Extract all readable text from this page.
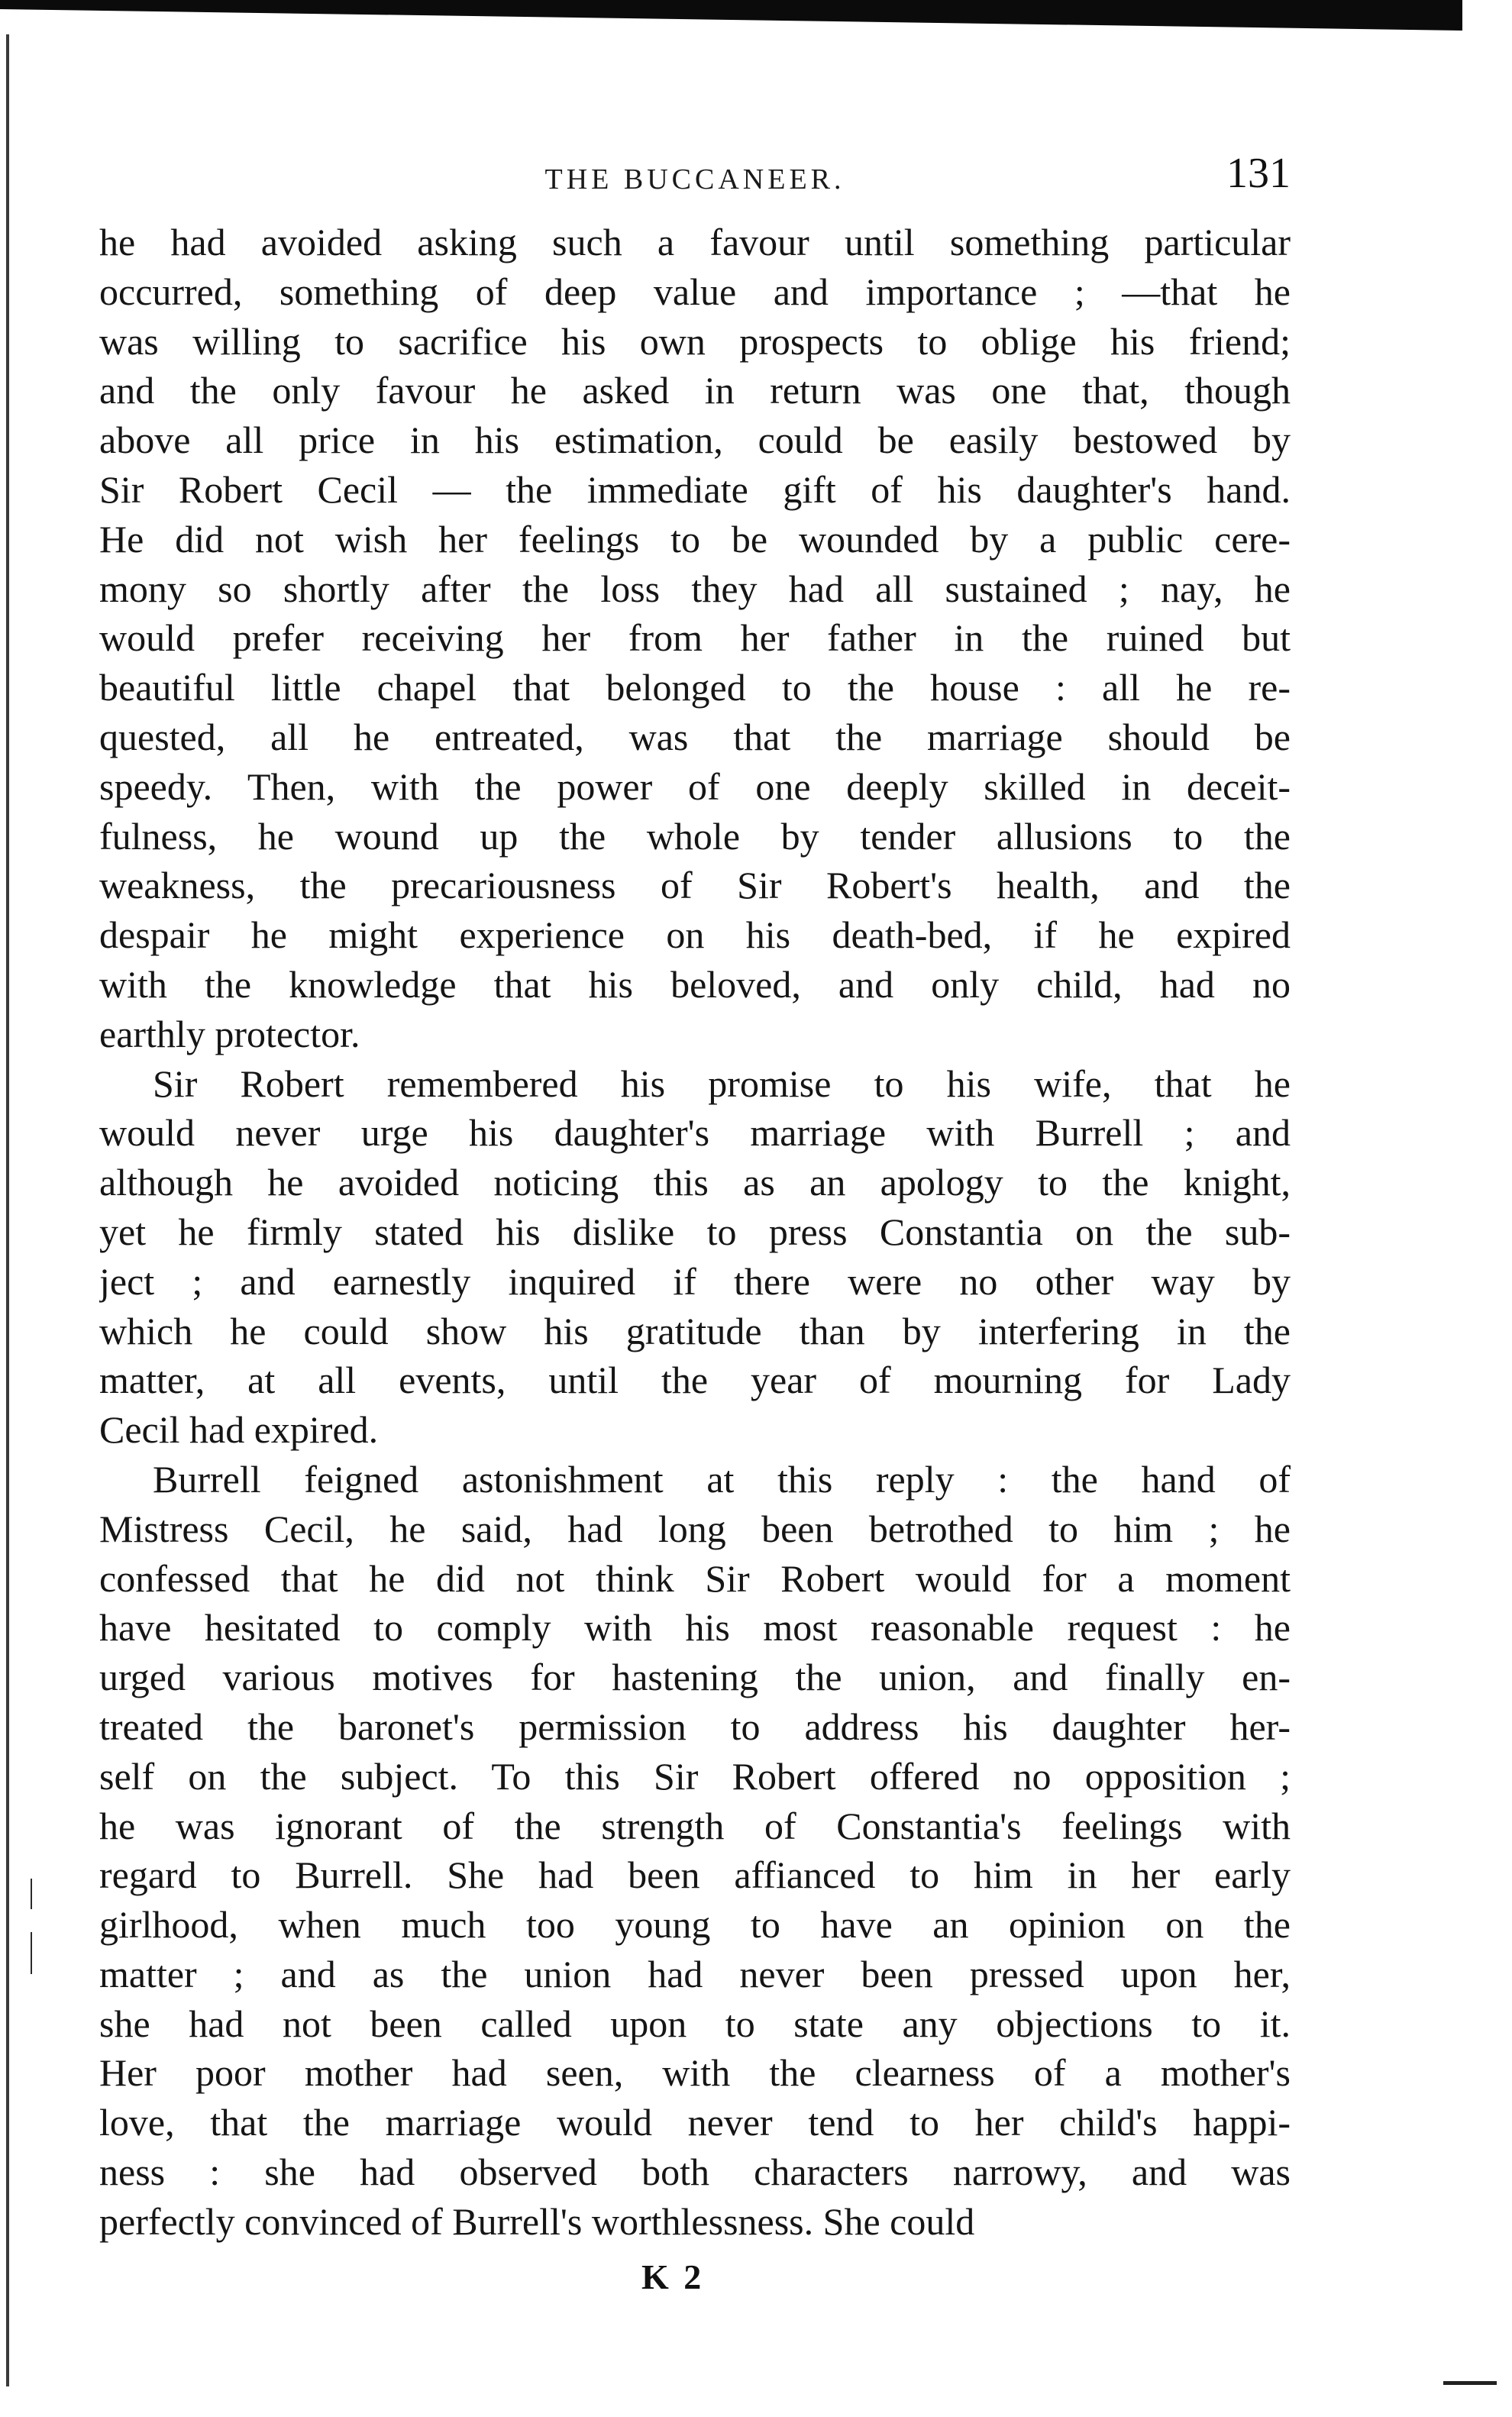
THE BUCCANEER.	131
he had avoided asking such a favour until something particular
occurred, something of deep value and importance ; —that he
was willing to sacrifice his own prospects to oblige his friend;
and the only favour he asked in return was one that, though
above all price in his estimation, could be easily bestowed by
Sir Robert Cecil — the immediate gift of his daughter's hand.
He did not wish her feelings to be wounded by a public cere-
mony so shortly after the loss they had all sustained ; nay, he
would prefer receiving her from her father in the ruined but
beautiful little chapel that belonged to the house : all he re-
quested, all he entreated, was that the marriage should be
speedy. Then, with the power of one deeply skilled in deceit-
fulness, he wound up the whole by tender allusions to the
weakness, the precariousness of Sir Robert's health, and the
despair he might experience on his death-bed, if he expired
with the knowledge that his beloved, and only child, had no
earthly protector.
Sir Robert remembered his promise to his wife, that he
would never urge his daughter's marriage with Burrell ; and
although he avoided noticing this as an apology to the knight,
yet he firmly stated his dislike to press Constantia on the sub-
ject ; and earnestly inquired if there were no other way by
which he could show his gratitude than by interfering in the
matter, at all events, until the year of mourning for Lady
Cecil had expired.
Burrell feigned astonishment at this reply : the hand of
Mistress Cecil, he said, had long been betrothed to him ; he
confessed that he did not think Sir Robert would for a moment
have hesitated to comply with his most reasonable request : he
urged various motives for hastening the union, and finally en-
treated the baronet's permission to address his daughter her-
self on the subject. To this Sir Robert offered no opposition ;
he was ignorant of the strength of Constantia's feelings with
regard to Burrell. She had been affianced to him in her early
girlhood, when much too young to have an opinion on the
matter ; and as the union had never been pressed upon her,
she had not been called upon to state any objections to it.
Her poor mother had seen, with the clearness of a mother's
love, that the marriage would never tend to her child's happi-
ness : she had observed both characters narrowy, and was
perfectly convinced of Burrell's worthlessness. She could
K 2
